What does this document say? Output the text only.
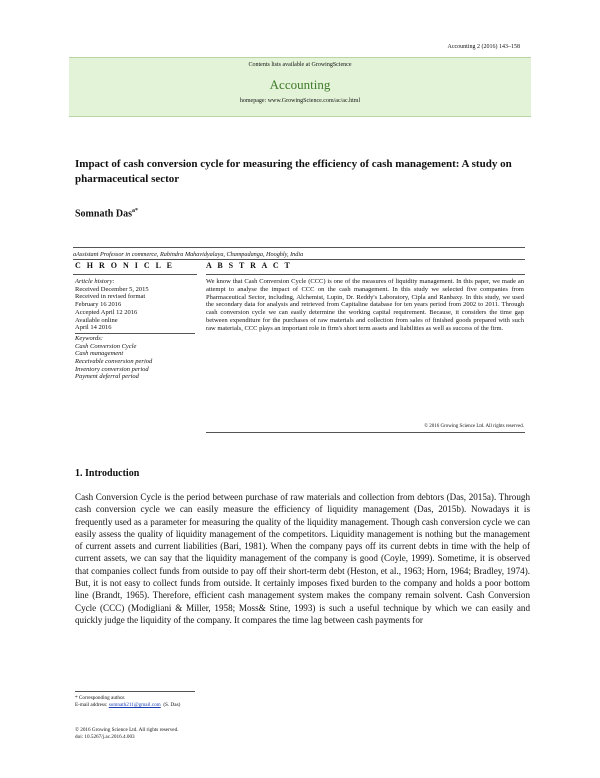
Accounting 2 (2016) 143–158
Contents lists available at GrowingScience
Accounting
homepage: www.GrowingScience.com/ac/ac.html
Impact of cash conversion cycle for measuring the efficiency of cash management: A study on pharmaceutical sector
Somnath Das$^{a*}$
aAssistant Professor in commerce, Rabindra Mahavidyalaya, Champadanga, Hooghly, India
C H R O N I C L E	A B S T R A C T
Article history:
Received December 5, 2015
Received in revised format
February 16 2016
Accepted April 12 2016
Available online
April 14 2016
Keywords:
Cash Conversion Cycle
Cash management
Receivable conversion period
Inventory conversion period
Payment deferral period
We know that Cash Conversion Cycle (CCC) is one of the measures of liquidity management. In this paper, we made an attempt to analyse the impact of CCC on the cash management. In this study we selected five companies from Pharmaceutical Sector, including, Alchemist, Lupin, Dr. Reddy's Laboratory, Cipla and Ranbaxy. In this study, we used the secondary data for analysis and retrieved from Capitaline database for ten years period from 2002 to 2011. Through cash conversion cycle we can easily determine the working capital requirement. Because, it considers the time gap between expenditure for the purchases of raw materials and collection from sales of finished goods prepared with such raw materials, CCC plays an important role in firm's short term assets and liabilities as well as success of the firm.
© 2016 Growing Science Ltd. All rights reserved.
1. Introduction
Cash Conversion Cycle is the period between purchase of raw materials and collection from debtors (Das, 2015a). Through cash conversion cycle we can easily measure the efficiency of liquidity management (Das, 2015b). Nowadays it is frequently used as a parameter for measuring the quality of the liquidity management. Though cash conversion cycle we can easily assess the quality of liquidity management of the competitors. Liquidity management is nothing but the management of current assets and current liabilities (Bari, 1981). When the company pays off its current debts in time with the help of current assets, we can say that the liquidity management of the company is good (Coyle, 1999). Sometime, it is observed that companies collect funds from outside to pay off their short-term debt (Heston, et al., 1963; Horn, 1964; Bradley, 1974). But, it is not easy to collect funds from outside. It certainly imposes fixed burden to the company and holds a poor bottom line (Brandt, 1965). Therefore, efficient cash management system makes the company remain solvent. Cash Conversion Cycle (CCC) (Modigliani & Miller, 1958; Moss& Stine, 1993) is such a useful technique by which we can easily and quickly judge the liquidity of the company. It compares the time lag between cash payments for
* Corresponding author.
E-mail address: somnath211@gmail.com (S. Das)
© 2016 Growing Science Ltd. All rights reserved.
doi: 10.5267/j.ac.2016.4.003
